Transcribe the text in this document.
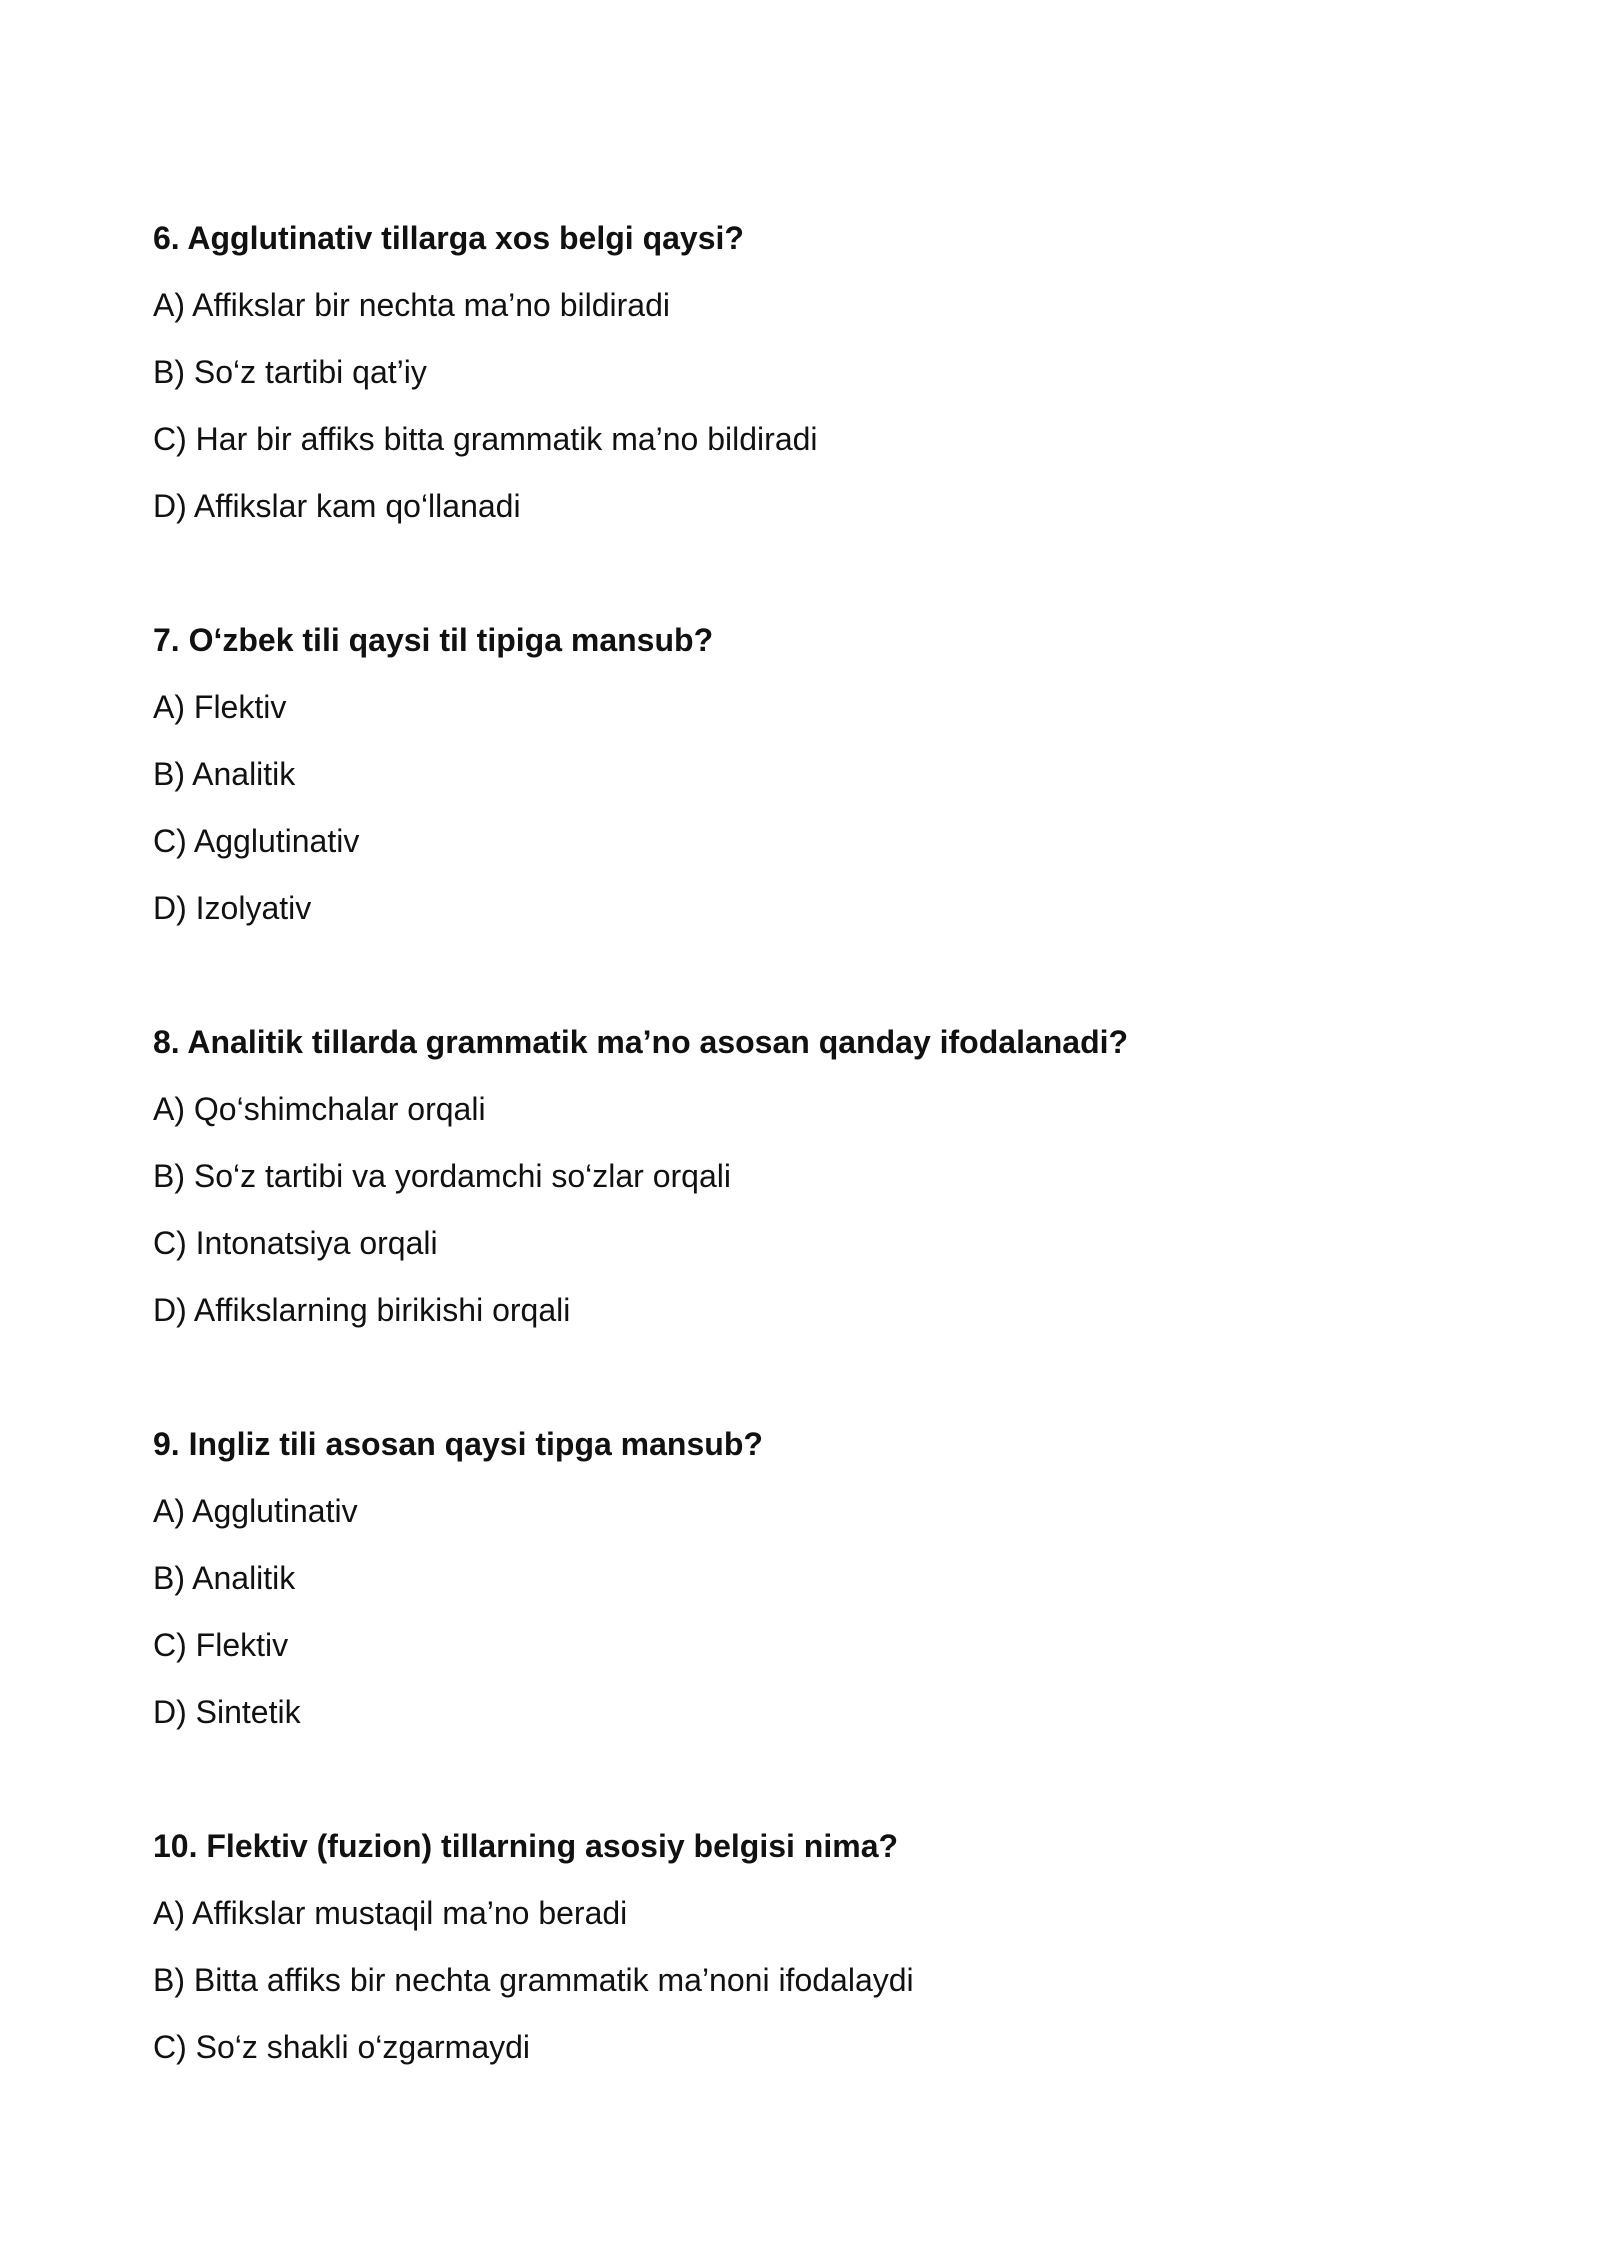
6. Agglutinativ tillarga xos belgi qaysi?
A) Affikslar bir nechta ma’no bildiradi
B) So‘z tartibi qat’iy
C) Har bir affiks bitta grammatik ma’no bildiradi
D) Affikslar kam qo‘llanadi
7. O‘zbek tili qaysi til tipiga mansub?
A) Flektiv
B) Analitik
C) Agglutinativ
D) Izolyativ
8. Analitik tillarda grammatik ma’no asosan qanday ifodalanadi?
A) Qo‘shimchalar orqali
B) So‘z tartibi va yordamchi so‘zlar orqali
C) Intonatsiya orqali
D) Affikslarning birikishi orqali
9. Ingliz tili asosan qaysi tipga mansub?
A) Agglutinativ
B) Analitik
C) Flektiv
D) Sintetik
10. Flektiv (fuzion) tillarning asosiy belgisi nima?
A) Affikslar mustaqil ma’no beradi
B) Bitta affiks bir nechta grammatik ma’noni ifodalaydi
C) So‘z shakli o‘zgarmaydi
